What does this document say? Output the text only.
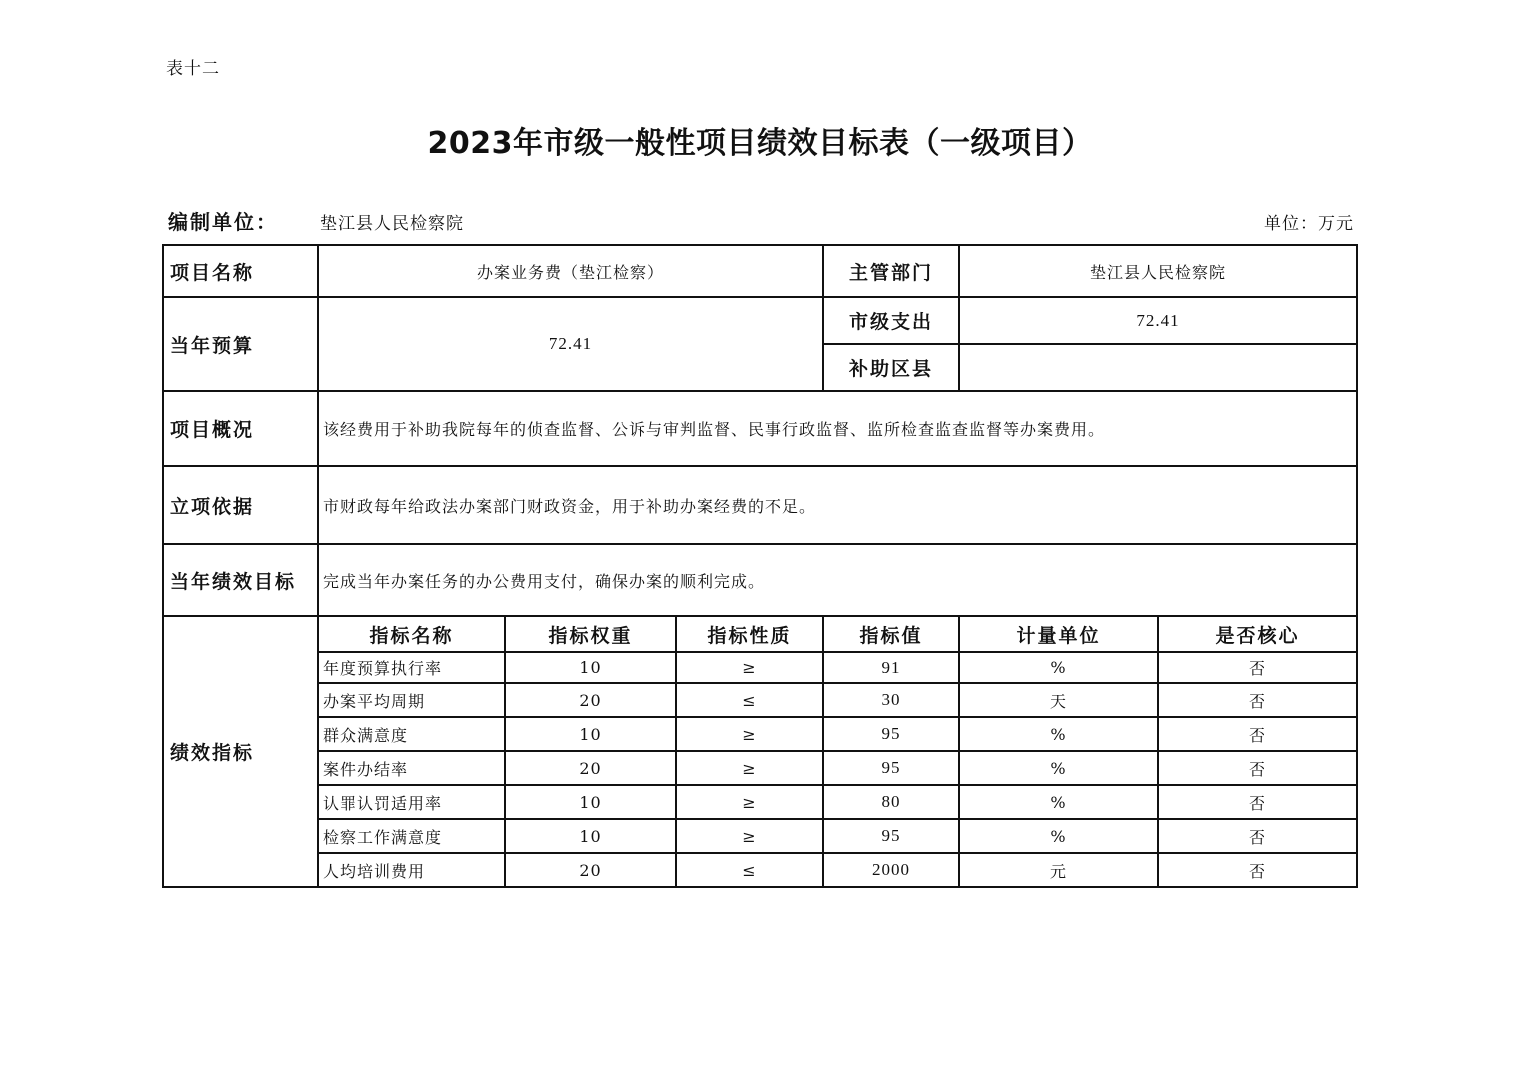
表十二
2023年市级一般性项目绩效目标表（一级项目）
编制单位： 垫江县人民检察院	单位：万元
项目名称	办案业务费（垫江检察）			主管部门	垫江县人民检察院	
当年预算	72.41			市级支出	72.41	
				补助区县		
项目概况	该经费用于补助我院每年的侦查监督、公诉与审判监督、民事行政监督、监所检查监查监督等办案费用。					
立项依据	市财政每年给政法办案部门财政资金，用于补助办案经费的不足。					
当年绩效目标	完成当年办案任务的办公费用支付，确保办案的顺利完成。					
绩效指标	指标名称	指标权重	指标性质	指标值	计量单位	是否核心
	年度预算执行率	10	≥	91	%	否
	办案平均周期	20	≤	30	天	否
	群众满意度	10	≥	95	%	否
	案件办结率	20	≥	95	%	否
	认罪认罚适用率	10	≥	80	%	否
	检察工作满意度	10	≥	95	%	否
	人均培训费用	20	≤	2000	元	否
